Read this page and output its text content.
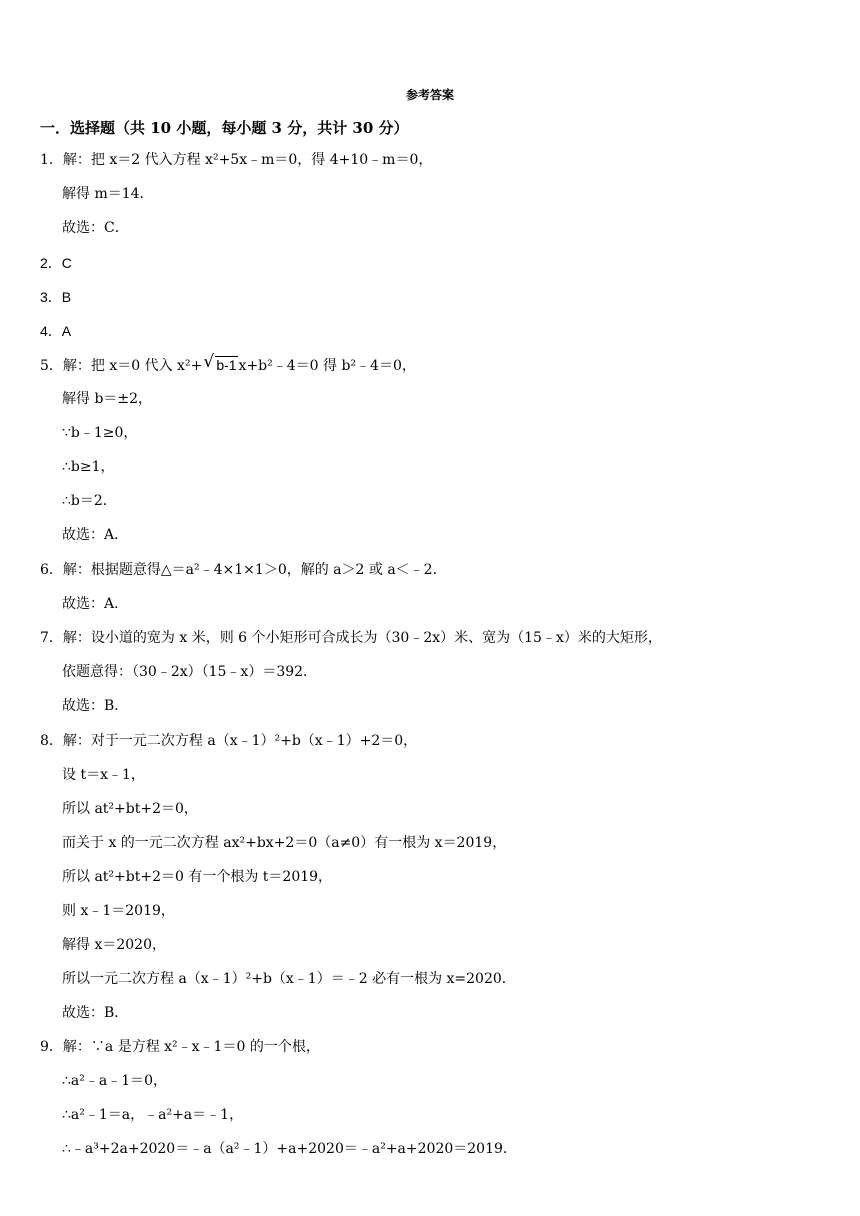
参考答案
一．选择题（共 10 小题，每小题 3 分，共计 30 分）
1．解：把 x＝2 代入方程 x²+5x﹣m＝0，得 4+10﹣m＝0，
解得 m＝14．
故选：C．
2．C
3．B
4．A
5．解：把 x＝0 代入 x²+ √ b-1 x+b²﹣4＝0 得 b²﹣4＝0，
解得 b＝±2，
∵b﹣1≥0，
∴b≥1，
∴b＝2．
故选：A．
6．解：根据题意得△＝a²﹣4×1×1＞0，解的 a＞2 或 a＜﹣2．
故选：A．
7．解：设小道的宽为 x 米，则 6 个小矩形可合成长为（30﹣2x）米、宽为（15﹣x）米的大矩形，
依题意得：（30﹣2x）（15﹣x）＝392．
故选：B．
8．解：对于一元二次方程 a（x﹣1）²+b（x﹣1）+2＝0，
设 t＝x﹣1，
所以 at²+bt+2＝0，
而关于 x 的一元二次方程 ax²+bx+2＝0（a≠0）有一根为 x＝2019，
所以 at²+bt+2＝0 有一个根为 t＝2019，
则 x﹣1＝2019，
解得 x＝2020，
所以一元二次方程 a（x﹣1）²+b（x﹣1）＝﹣2 必有一根为 x=2020．
故选：B．
9．解：∵a 是方程 x²﹣x﹣1＝0 的一个根，
∴a²﹣a﹣1＝0，
∴a²﹣1＝a，﹣a²+a＝﹣1，
∴﹣a³+2a+2020＝﹣a（a²﹣1）+a+2020＝﹣a²+a+2020＝2019．
